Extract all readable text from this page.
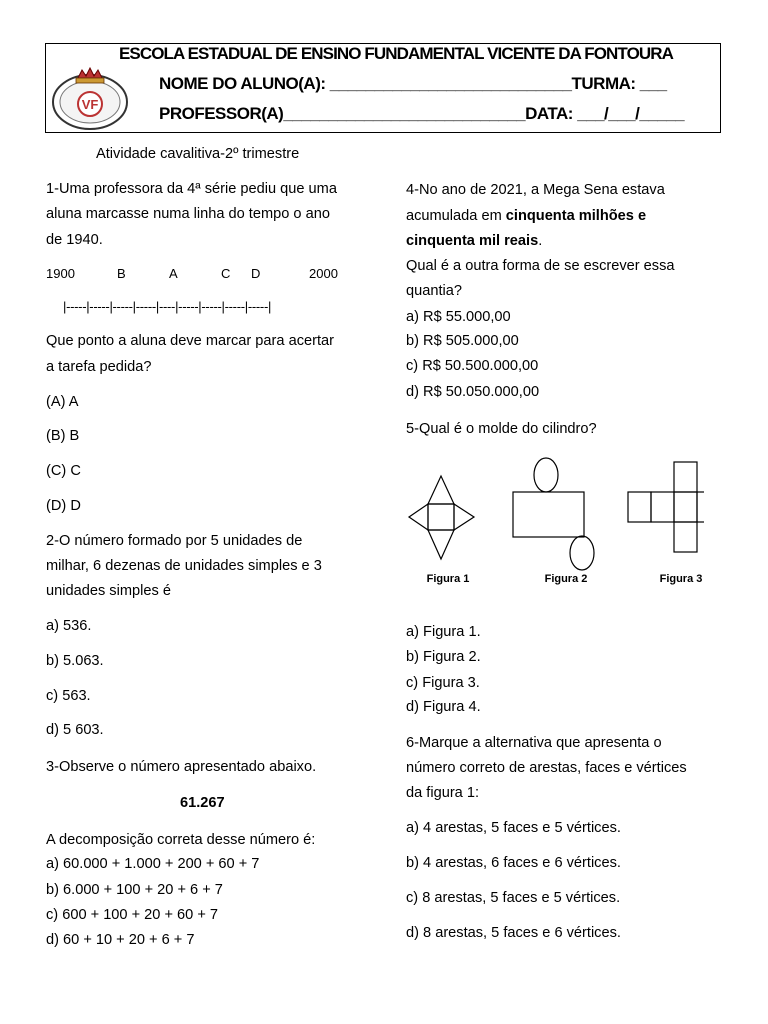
VF
ESCOLA ESTADUAL DE ENSINO FUNDAMENTAL VICENTE DA FONTOURA
NOME DO ALUNO(A): ___________________________TURMA: ___
PROFESSOR(A)___________________________DATA: ___/___/_____
Atividade cavalitiva-2º trimestre
1-Uma professora da 4ª série pediu que uma
aluna marcasse numa linha do tempo o ano
de 1940.
1900	B	A	C D	2000
|-----|-----|-----|-----|----|-----|-----|-----|-----|
Que ponto a aluna deve marcar para acertar
a tarefa pedida?
(A) A
(B) B
(C) C
(D) D
2-O número formado por 5 unidades de
milhar, 6 dezenas de unidades simples e 3
unidades simples é
a) 536.
b) 5.063.
c) 563.
d) 5 603.
3-Observe o número apresentado abaixo.
61.267
A decomposição correta desse número é:
a) 60.000 + 1.000 + 200 + 60 + 7
b) 6.000 + 100 + 20 + 6 + 7
c) 600 + 100 + 20 + 60 + 7
d) 60 + 10 + 20 + 6 + 7
4-No ano de 2021, a Mega Sena estava
acumulada em cinquenta milhões e
cinquenta mil reais.
Qual é a outra forma de se escrever essa
quantia?
a) R$ 55.000,00
b) R$ 505.000,00
c) R$ 50.500.000,00
d) R$ 50.050.000,00
5-Qual é o molde do cilindro?
Figura 1	Figura 2	Figura 3
a) Figura 1.
b) Figura 2.
c) Figura 3.
d) Figura 4.
6-Marque a alternativa que apresenta o
número correto de arestas, faces e vértices
da figura 1:
a) 4 arestas, 5 faces e 5 vértices.
b) 4 arestas, 6 faces e 6 vértices.
c) 8 arestas, 5 faces e 5 vértices.
d) 8 arestas, 5 faces e 6 vértices.
